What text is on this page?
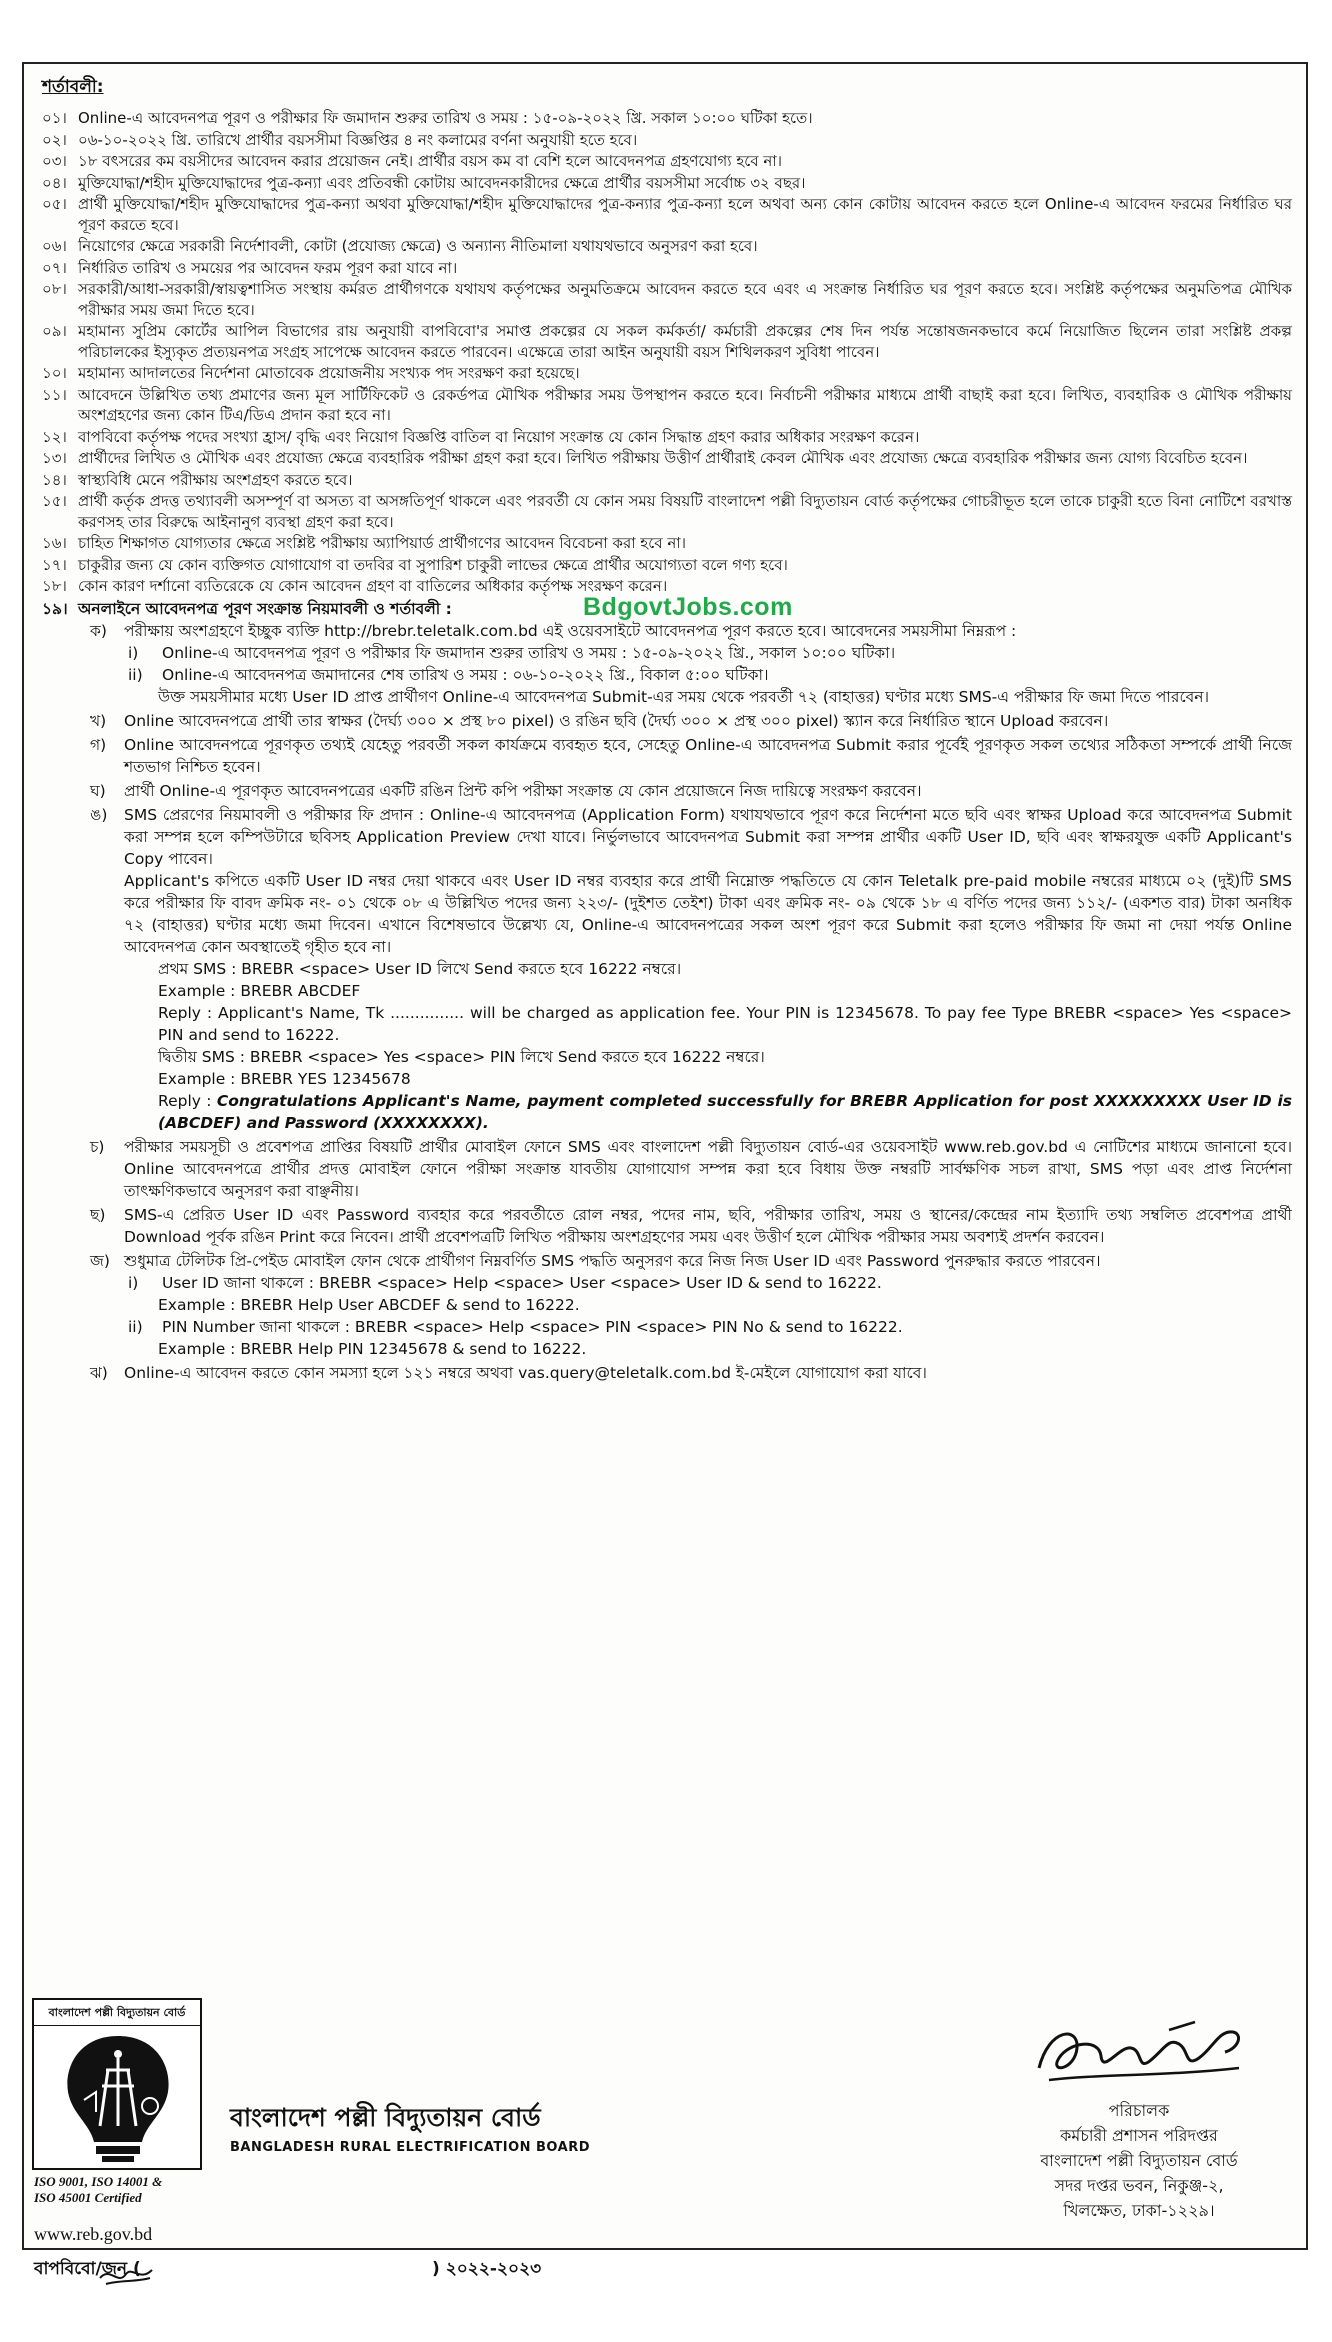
শর্তাবলী:
০১। Online-এ আবেদনপত্র পূরণ ও পরীক্ষার ফি জমাদান শুরুর তারিখ ও সময় : ১৫-০৯-২০২২ খ্রি. সকাল ১০:০০ ঘটিকা হতে।
০২। ০৬-১০-২০২২ খ্রি. তারিখে প্রার্থীর বয়সসীমা বিজ্ঞপ্তির ৪ নং কলামের বর্ণনা অনুযায়ী হতে হবে।
০৩। ১৮ বৎসরের কম বয়সীদের আবেদন করার প্রয়োজন নেই। প্রার্থীর বয়স কম বা বেশি হলে আবেদনপত্র গ্রহণযোগ্য হবে না।
০৪। মুক্তিযোদ্ধা/শহীদ মুক্তিযোদ্ধাদের পুত্র-কন্যা এবং প্রতিবন্ধী কোটায় আবেদনকারীদের ক্ষেত্রে প্রার্থীর বয়সসীমা সর্বোচ্চ ৩২ বছর।
০৫। প্রার্থী মুক্তিযোদ্ধা/শহীদ মুক্তিযোদ্ধাদের পুত্র-কন্যা অথবা মুক্তিযোদ্ধা/শহীদ মুক্তিযোদ্ধাদের পুত্র-কন্যার পুত্র-কন্যা হলে অথবা অন্য কোন কোটায় আবেদন করতে হলে Online-এ আবেদন ফরমের নির্ধারিত ঘর পূরণ করতে হবে।
০৬। নিয়োগের ক্ষেত্রে সরকারী নির্দেশাবলী, কোটা (প্রযোজ্য ক্ষেত্রে) ও অন্যান্য নীতিমালা যথাযথভাবে অনুসরণ করা হবে।
০৭। নির্ধারিত তারিখ ও সময়ের পর আবেদন ফরম পূরণ করা যাবে না।
০৮। সরকারী/আধা-সরকারী/স্বায়ত্বশাসিত সংস্থায় কর্মরত প্রার্থীগণকে যথাযথ কর্তৃপক্ষের অনুমতিক্রমে আবেদন করতে হবে এবং এ সংক্রান্ত নির্ধারিত ঘর পূরণ করতে হবে। সংশ্লিষ্ট কর্তৃপক্ষের অনুমতিপত্র মৌখিক পরীক্ষার সময় জমা দিতে হবে।
০৯। মহামান্য সুপ্রিম কোর্টের আপিল বিভাগের রায় অনুযায়ী বাপবিবো'র সমাপ্ত প্রকল্পের যে সকল কর্মকর্তা/ কর্মচারী প্রকল্পের শেষ দিন পর্যন্ত সন্তোষজনকভাবে কর্মে নিয়োজিত ছিলেন তারা সংশ্লিষ্ট প্রকল্প পরিচালকের ইস্যুকৃত প্রত্যয়নপত্র সংগ্রহ সাপেক্ষে আবেদন করতে পারবেন। এক্ষেত্রে তারা আইন অনুযায়ী বয়স শিথিলকরণ সুবিধা পাবেন।
১০। মহামান্য আদালতের নির্দেশনা মোতাবেক প্রয়োজনীয় সংখ্যক পদ সংরক্ষণ করা হয়েছে।
১১। আবেদনে উল্লিখিত তথ্য প্রমাণের জন্য মূল সার্টিফিকেট ও রেকর্ডপত্র মৌখিক পরীক্ষার সময় উপস্থাপন করতে হবে। নির্বাচনী পরীক্ষার মাধ্যমে প্রার্থী বাছাই করা হবে। লিখিত, ব্যবহারিক ও মৌখিক পরীক্ষায় অংশগ্রহণের জন্য কোন টিএ/ডিএ প্রদান করা হবে না।
১২। বাপবিবো কর্তৃপক্ষ পদের সংখ্যা হ্রাস/ বৃদ্ধি এবং নিয়োগ বিজ্ঞপ্তি বাতিল বা নিয়োগ সংক্রান্ত যে কোন সিদ্ধান্ত গ্রহণ করার অধিকার সংরক্ষণ করেন।
১৩। প্রার্থীদের লিখিত ও মৌখিক এবং প্রযোজ্য ক্ষেত্রে ব্যবহারিক পরীক্ষা গ্রহণ করা হবে। লিখিত পরীক্ষায় উত্তীর্ণ প্রার্থীরাই কেবল মৌখিক এবং প্রযোজ্য ক্ষেত্রে ব্যবহারিক পরীক্ষার জন্য যোগ্য বিবেচিত হবেন।
১৪। স্বাস্থ্যবিধি মেনে পরীক্ষায় অংশগ্রহণ করতে হবে।
১৫। প্রার্থী কর্তৃক প্রদত্ত তথ্যাবলী অসম্পূর্ণ বা অসত্য বা অসঙ্গতিপূর্ণ থাকলে এবং পরবর্তী যে কোন সময় বিষয়টি বাংলাদেশ পল্লী বিদ্যুতায়ন বোর্ড কর্তৃপক্ষের গোচরীভূত হলে তাকে চাকুরী হতে বিনা নোটিশে বরখাস্ত করণসহ তার বিরুদ্ধে আইনানুগ ব্যবস্থা গ্রহণ করা হবে।
১৬। চাহিত শিক্ষাগত যোগ্যতার ক্ষেত্রে সংশ্লিষ্ট পরীক্ষায় অ্যাপিয়ার্ড প্রার্থীগণের আবেদন বিবেচনা করা হবে না।
১৭। চাকুরীর জন্য যে কোন ব্যক্তিগত যোগাযোগ বা তদবির বা সুপারিশ চাকুরী লাভের ক্ষেত্রে প্রার্থীর অযোগ্যতা বলে গণ্য হবে।
১৮। কোন কারণ দর্শানো ব্যতিরেকে যে কোন আবেদন গ্রহণ বা বাতিলের অধিকার কর্তৃপক্ষ সংরক্ষণ করেন।
১৯। অনলাইনে আবেদনপত্র পূরণ সংক্রান্ত নিয়মাবলী ও শর্তাবলী :	BdgovtJobs.com
ক)	পরীক্ষায় অংশগ্রহণে ইচ্ছুক ব্যক্তি http://brebr.teletalk.com.bd এই ওয়েবসাইটে আবেদনপত্র পূরণ করতে হবে। আবেদনের সময়সীমা নিম্নরূপ :

i)	Online-এ আবেদনপত্র পূরণ ও পরীক্ষার ফি জমাদান শুরুর তারিখ ও সময় : ১৫-০৯-২০২২ খ্রি., সকাল ১০:০০ ঘটিকা।
ii)	Online-এ আবেদনপত্র জমাদানের শেষ তারিখ ও সময় : ০৬-১০-২০২২ খ্রি., বিকাল ৫:০০ ঘটিকা।

উক্ত সময়সীমার মধ্যে User ID প্রাপ্ত প্রার্থীগণ Online-এ আবেদনপত্র Submit-এর সময় থেকে পরবর্তী ৭২ (বাহাত্তর) ঘণ্টার মধ্যে SMS-এ পরীক্ষার ফি জমা দিতে পারবেন।

খ)	Online আবেদনপত্রে প্রার্থী তার স্বাক্ষর (দৈর্ঘ্য ৩০০ × প্রস্থ ৮০ pixel) ও রঙিন ছবি (দৈর্ঘ্য ৩০০ × প্রস্থ ৩০০ pixel) স্ক্যান করে নির্ধারিত স্থানে Upload করবেন।

গ)	Online আবেদনপত্রে পূরণকৃত তথ্যই যেহেতু পরবর্তী সকল কার্যক্রমে ব্যবহৃত হবে, সেহেতু Online-এ আবেদনপত্র Submit করার পূর্বেই পূরণকৃত সকল তথ্যের সঠিকতা সম্পর্কে প্রার্থী নিজে শতভাগ নিশ্চিত হবেন।

ঘ)	প্রার্থী Online-এ পূরণকৃত আবেদনপত্রের একটি রঙিন প্রিন্ট কপি পরীক্ষা সংক্রান্ত যে কোন প্রয়োজনে নিজ দায়িত্বে সংরক্ষণ করবেন।

ঙ)	SMS প্রেরণের নিয়মাবলী ও পরীক্ষার ফি প্রদান : Online-এ আবেদনপত্র (Application Form) যথাযথভাবে পূরণ করে নির্দেশনা মতে ছবি এবং স্বাক্ষর Upload করে আবেদনপত্র Submit করা সম্পন্ন হলে কম্পিউটারে ছবিসহ Application Preview দেখা যাবে। নির্ভুলভাবে আবেদনপত্র Submit করা সম্পন্ন প্রার্থীর একটি User ID, ছবি এবং স্বাক্ষরযুক্ত একটি Applicant's Copy পাবেন।

Applicant's কপিতে একটি User ID নম্বর দেয়া থাকবে এবং User ID নম্বর ব্যবহার করে প্রার্থী নিম্নোক্ত পদ্ধতিতে যে কোন Teletalk pre-paid mobile নম্বরের মাধ্যমে ০২ (দুই)টি SMS করে পরীক্ষার ফি বাবদ ক্রমিক নং- ০১ থেকে ০৮ এ উল্লিখিত পদের জন্য ২২৩/- (দুইশত তেইশ) টাকা এবং ক্রমিক নং- ০৯ থেকে ১৮ এ বর্ণিত পদের জন্য ১১২/- (একশত বার) টাকা অনধিক ৭২ (বাহাত্তর) ঘণ্টার মধ্যে জমা দিবেন। এখানে বিশেষভাবে উল্লেখ্য যে, Online-এ আবেদনপত্রের সকল অংশ পূরণ করে Submit করা হলেও পরীক্ষার ফি জমা না দেয়া পর্যন্ত Online আবেদনপত্র কোন অবস্থাতেই গৃহীত হবে না।

প্রথম SMS : BREBR <space> User ID লিখে Send করতে হবে 16222 নম্বরে।

Example : BREBR ABCDEF

Reply : Applicant's Name, Tk ............... will be charged as application fee. Your PIN is 12345678. To pay fee Type BREBR <space> Yes <space> PIN and send to 16222.

দ্বিতীয় SMS : BREBR <space> Yes <space> PIN লিখে Send করতে হবে 16222 নম্বরে।

Example : BREBR YES 12345678

Reply : Congratulations Applicant's Name, payment completed successfully for BREBR Application for post XXXXXXXXX User ID is (ABCDEF) and Password (XXXXXXXX).

চ)	পরীক্ষার সময়সূচী ও প্রবেশপত্র প্রাপ্তির বিষয়টি প্রার্থীর মোবাইল ফোনে SMS এবং বাংলাদেশ পল্লী বিদ্যুতায়ন বোর্ড-এর ওয়েবসাইট www.reb.gov.bd এ নোটিশের মাধ্যমে জানানো হবে। Online আবেদনপত্রে প্রার্থীর প্রদত্ত মোবাইল ফোনে পরীক্ষা সংক্রান্ত যাবতীয় যোগাযোগ সম্পন্ন করা হবে বিধায় উক্ত নম্বরটি সার্বক্ষণিক সচল রাখা, SMS পড়া এবং প্রাপ্ত নির্দেশনা তাৎক্ষণিকভাবে অনুসরণ করা বাঞ্ছনীয়।

ছ)	SMS-এ প্রেরিত User ID এবং Password ব্যবহার করে পরবর্তীতে রোল নম্বর, পদের নাম, ছবি, পরীক্ষার তারিখ, সময় ও স্থানের/কেন্দ্রের নাম ইত্যাদি তথ্য সম্বলিত প্রবেশপত্র প্রার্থী Download পূর্বক রঙিন Print করে নিবেন। প্রার্থী প্রবেশপত্রটি লিখিত পরীক্ষায় অংশগ্রহণের সময় এবং উত্তীর্ণ হলে মৌখিক পরীক্ষার সময় অবশ্যই প্রদর্শন করবেন।

জ) শুধুমাত্র টেলিটক প্রি-পেইড মোবাইল ফোন থেকে প্রার্থীগণ নিম্নবর্ণিত SMS পদ্ধতি অনুসরণ করে নিজ নিজ User ID এবং Password পুনরুদ্ধার করতে পারবেন।

i)	User ID জানা থাকলে : BREBR <space> Help <space> User <space> User ID & send to 16222.

Example : BREBR Help User ABCDEF & send to 16222.

ii)	PIN Number জানা থাকলে : BREBR <space> Help <space> PIN <space> PIN No & send to 16222.

Example : BREBR Help PIN 12345678 & send to 16222.

ঝ)	Online-এ আবেদন করতে কোন সমস্যা হলে ১২১ নম্বরে অথবা vas.query@teletalk.com.bd ই-মেইলে যোগাযোগ করা যাবে।

বাংলাদেশ পল্লী বিদ্যুতায়ন বোর্ড
ISO 9001, ISO 14001 &
ISO 45001 Certified
www.reb.gov.bd
বাপবিবো/জন (	) ২০২২-২০২৩
বাংলাদেশ পল্লী বিদ্যুতায়ন বোর্ড
BANGLADESH RURAL ELECTRIFICATION BOARD
পরিচালক
কর্মচারী প্রশাসন পরিদপ্তর
বাংলাদেশ পল্লী বিদ্যুতায়ন বোর্ড
সদর দপ্তর ভবন, নিকুঞ্জ-২,
খিলক্ষেত, ঢাকা-১২২৯।
